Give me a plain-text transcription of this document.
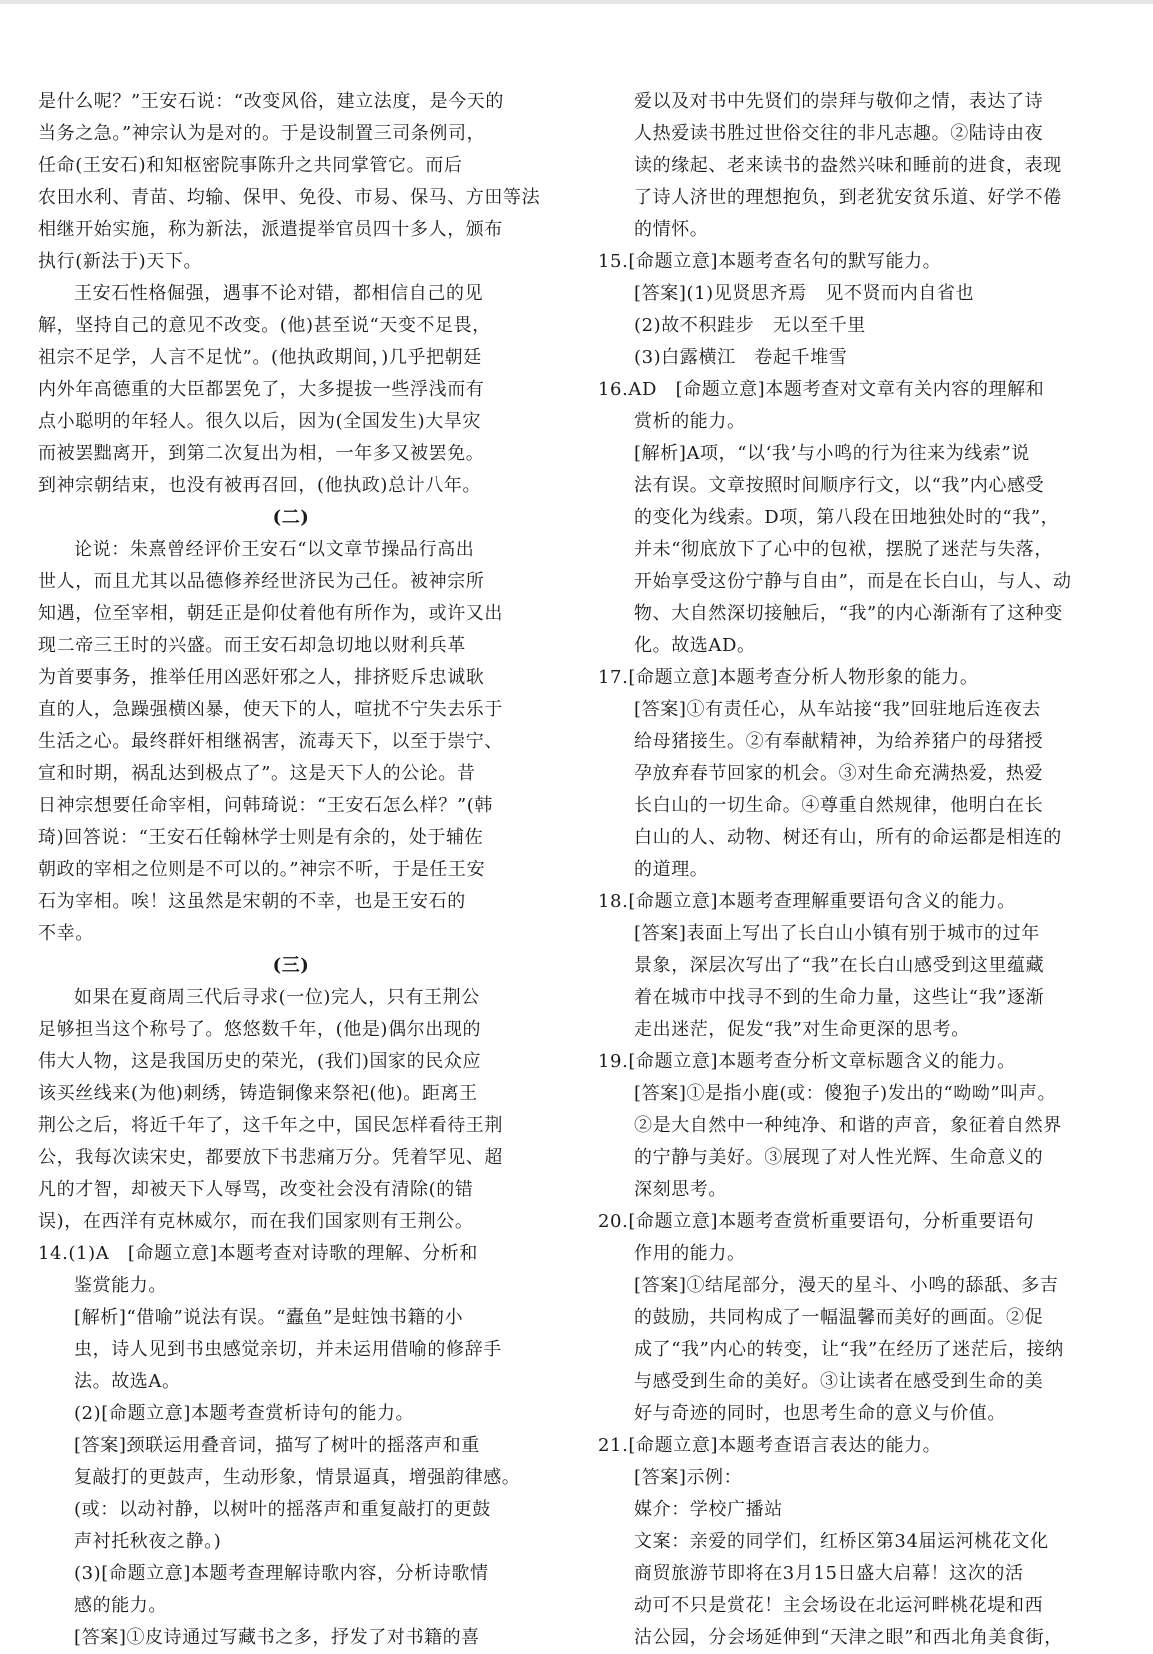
是什么呢？”王安石说：“改变风俗，建立法度，是今天的
当务之急。”神宗认为是对的。于是设制置三司条例司，
任命(王安石)和知枢密院事陈升之共同掌管它。而后
农田水利、青苗、均输、保甲、免役、市易、保马、方田等法
相继开始实施，称为新法，派遣提举官员四十多人，颁布
执行(新法于)天下。
王安石性格倔强，遇事不论对错，都相信自己的见
解，坚持自己的意见不改变。(他)甚至说“天变不足畏，
祖宗不足学，人言不足忧”。(他执政期间，)几乎把朝廷
内外年高德重的大臣都罢免了，大多提拔一些浮浅而有
点小聪明的年轻人。很久以后，因为(全国发生)大旱灾
而被罢黜离开，到第二次复出为相，一年多又被罢免。
到神宗朝结束，也没有被再召回，(他执政)总计八年。
(二)
论说：朱熹曾经评价王安石“以文章节操品行高出
世人，而且尤其以品德修养经世济民为己任。被神宗所
知遇，位至宰相，朝廷正是仰仗着他有所作为，或许又出
现二帝三王时的兴盛。而王安石却急切地以财利兵革
为首要事务，推举任用凶恶奸邪之人，排挤贬斥忠诚耿
直的人，急躁强横凶暴，使天下的人，喧扰不宁失去乐于
生活之心。最终群奸相继祸害，流毒天下，以至于崇宁、
宣和时期，祸乱达到极点了”。这是天下人的公论。昔
日神宗想要任命宰相，问韩琦说：“王安石怎么样？”(韩
琦)回答说：“王安石任翰林学士则是有余的，处于辅佐
朝政的宰相之位则是不可以的。”神宗不听，于是任王安
石为宰相。唉！这虽然是宋朝的不幸，也是王安石的
不幸。
(三)
如果在夏商周三代后寻求(一位)完人，只有王荆公
足够担当这个称号了。悠悠数千年，(他是)偶尔出现的
伟大人物，这是我国历史的荣光，(我们)国家的民众应
该买丝线来(为他)刺绣，铸造铜像来祭祀(他)。距离王
荆公之后，将近千年了，这千年之中，国民怎样看待王荆
公，我每次读宋史，都要放下书悲痛万分。凭着罕见、超
凡的才智，却被天下人辱骂，改变社会没有清除(的错
误)，在西洋有克林威尔，而在我们国家则有王荆公。
14.(1)A　[命题立意]本题考查对诗歌的理解、分析和
鉴赏能力。
[解析]“借喻”说法有误。“蠹鱼”是蛀蚀书籍的小
虫，诗人见到书虫感觉亲切，并未运用借喻的修辞手
法。故选A。
(2)[命题立意]本题考查赏析诗句的能力。
[答案]颈联运用叠音词，描写了树叶的摇落声和重
复敲打的更鼓声，生动形象，情景逼真，增强韵律感。
(或：以动衬静，以树叶的摇落声和重复敲打的更鼓
声衬托秋夜之静。)
(3)[命题立意]本题考查理解诗歌内容，分析诗歌情
感的能力。
[答案]①皮诗通过写藏书之多，抒发了对书籍的喜
爱以及对书中先贤们的崇拜与敬仰之情，表达了诗
人热爱读书胜过世俗交往的非凡志趣。②陆诗由夜
读的缘起、老来读书的盎然兴味和睡前的进食，表现
了诗人济世的理想抱负，到老犹安贫乐道、好学不倦
的情怀。
15.[命题立意]本题考查名句的默写能力。
[答案](1)见贤思齐焉　见不贤而内自省也
(2)故不积跬步　无以至千里
(3)白露横江　卷起千堆雪
16.AD　[命题立意]本题考查对文章有关内容的理解和
赏析的能力。
[解析]A项，“以‘我’与小鸣的行为往来为线索”说
法有误。文章按照时间顺序行文，以“我”内心感受
的变化为线索。D项，第八段在田地独处时的“我”，
并未“彻底放下了心中的包袱，摆脱了迷茫与失落，
开始享受这份宁静与自由”，而是在长白山，与人、动
物、大自然深切接触后，“我”的内心渐渐有了这种变
化。故选AD。
17.[命题立意]本题考查分析人物形象的能力。
[答案]①有责任心，从车站接“我”回驻地后连夜去
给母猪接生。②有奉献精神，为给养猪户的母猪授
孕放弃春节回家的机会。③对生命充满热爱，热爱
长白山的一切生命。④尊重自然规律，他明白在长
白山的人、动物、树还有山，所有的命运都是相连的
的道理。
18.[命题立意]本题考查理解重要语句含义的能力。
[答案]表面上写出了长白山小镇有别于城市的过年
景象，深层次写出了“我”在长白山感受到这里蕴藏
着在城市中找寻不到的生命力量，这些让“我”逐渐
走出迷茫，促发“我”对生命更深的思考。
19.[命题立意]本题考查分析文章标题含义的能力。
[答案]①是指小鹿(或：傻狍子)发出的“呦呦”叫声。
②是大自然中一种纯净、和谐的声音，象征着自然界
的宁静与美好。③展现了对人性光辉、生命意义的
深刻思考。
20.[命题立意]本题考查赏析重要语句，分析重要语句
作用的能力。
[答案]①结尾部分，漫天的星斗、小鸣的舔舐、多吉
的鼓励，共同构成了一幅温馨而美好的画面。②促
成了“我”内心的转变，让“我”在经历了迷茫后，接纳
与感受到生命的美好。③让读者在感受到生命的美
好与奇迹的同时，也思考生命的意义与价值。
21.[命题立意]本题考查语言表达的能力。
[答案]示例：
媒介：学校广播站
文案：亲爱的同学们，红桥区第34届运河桃花文化
商贸旅游节即将在3月15日盛大启幕！这次的活
动可不只是赏花！主会场设在北运河畔桃花堤和西
沽公园，分会场延伸到“天津之眼”和西北角美食街，
